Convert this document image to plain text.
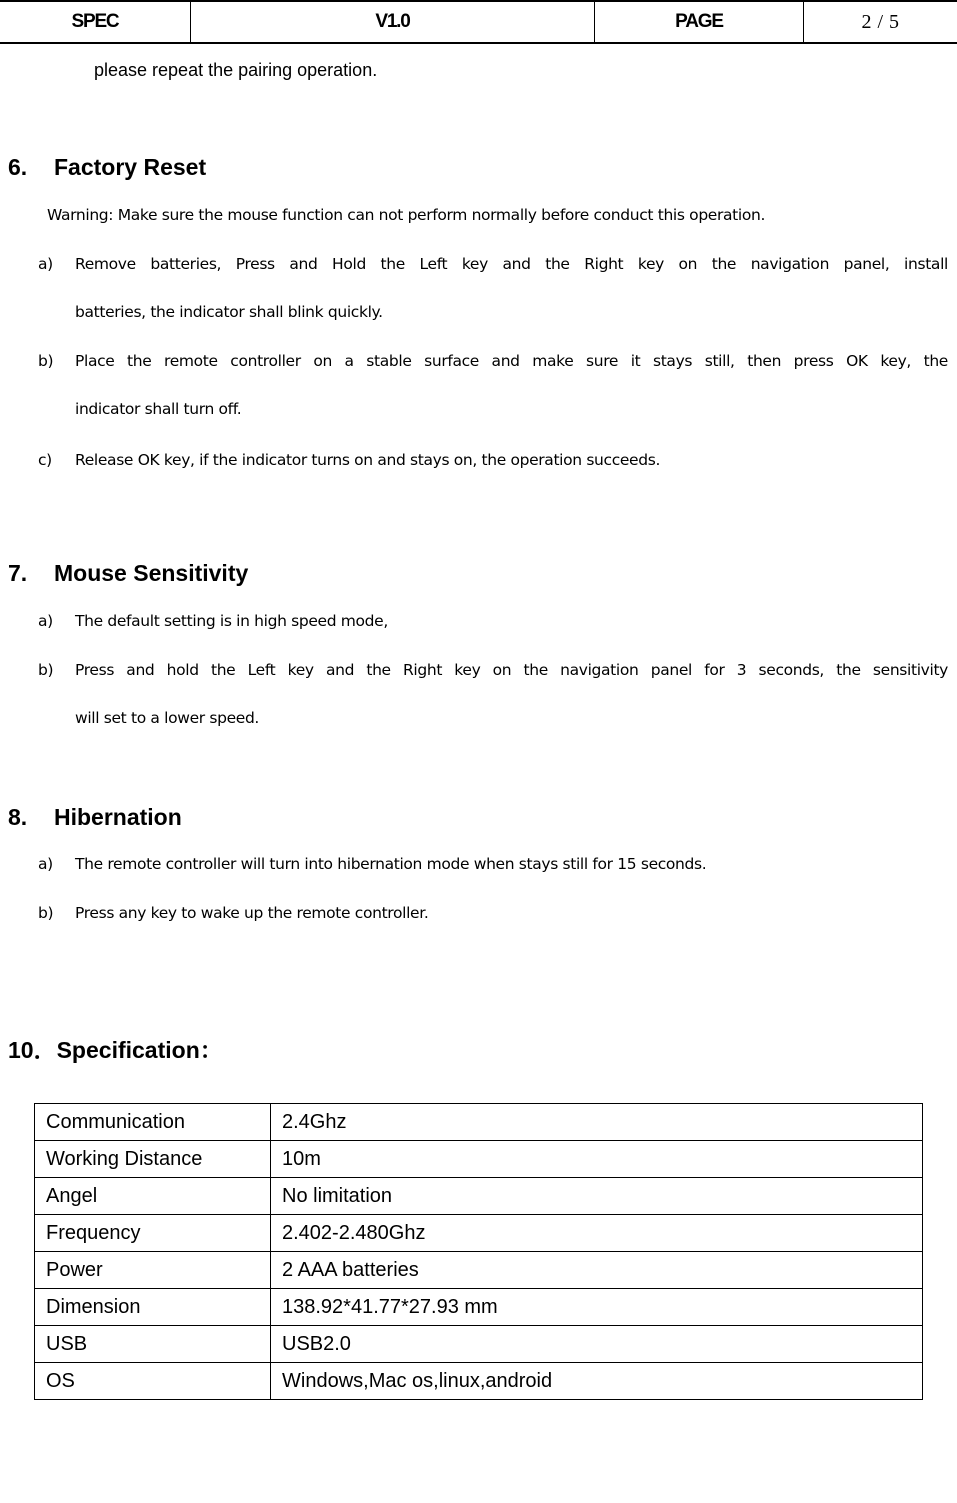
SPEC	V1.0	PAGE	2 / 5
please repeat the pairing operation.
6. Factory Reset
Warning: Make sure the mouse function can not perform normally before conduct this operation.
a) Remove batteries, Press and Hold the Left key and the Right key on the navigation panel, install
batteries, the indicator shall blink quickly.
b) Place the remote controller on a stable surface and make sure it stays still, then press OK key, the
indicator shall turn off.
c) Release OK key, if the indicator turns on and stays on, the operation succeeds.
7. Mouse Sensitivity
a) The default setting is in high speed mode,
b) Press and hold the Left key and the Right key on the navigation panel for 3 seconds, the sensitivity
will set to a lower speed.
8. Hibernation
a) The remote controller will turn into hibernation mode when stays still for 15 seconds.
b) Press any key to wake up the remote controller.
10．Specification：
Communication	2.4Ghz
Working Distance	10m
Angel	No limitation
Frequency	2.402-2.480Ghz
Power	2 AAA batteries
Dimension	138.92*41.77*27.93 mm
USB	USB2.0
OS	Windows,Mac os,linux,android
